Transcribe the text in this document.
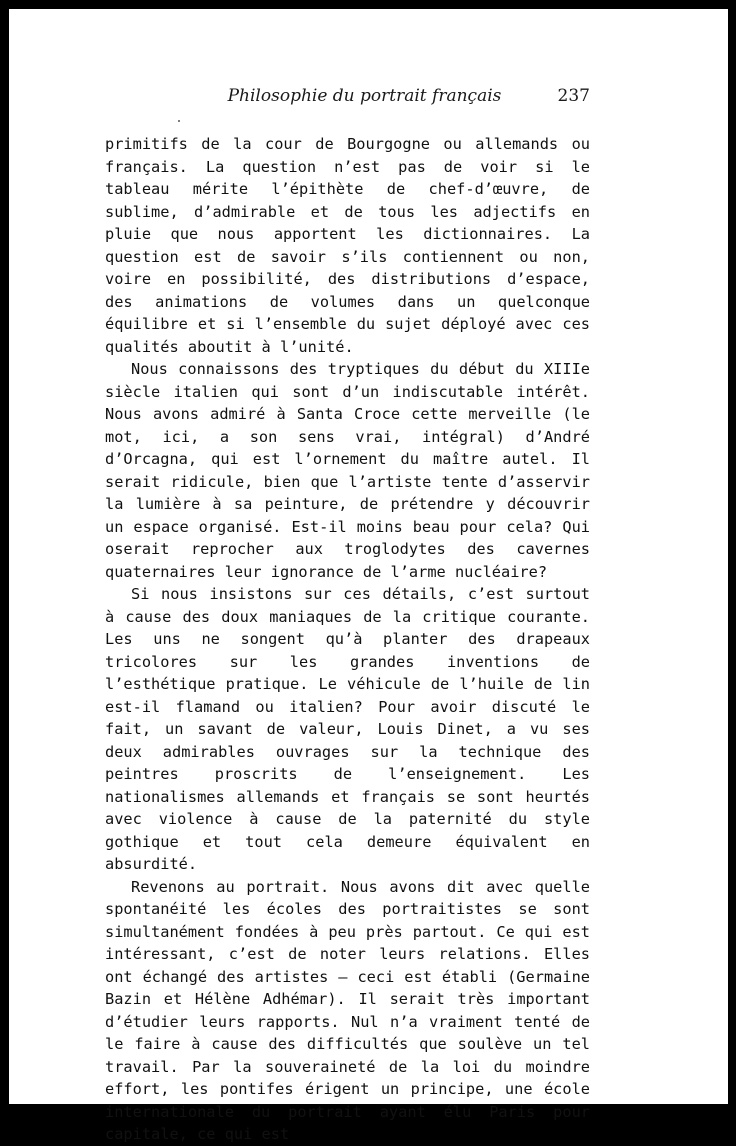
Philosophie du portrait français	237

primitifs de la cour de Bourgogne ou allemands ou français. La question n’est pas de voir si le tableau mérite l’épithète de chef-d’œuvre, de sublime, d’admirable et de tous les adjectifs en pluie que nous apportent les dictionnaires. La question est de savoir s’ils contiennent ou non, voire en possibilité, des distributions d’espace, des animations de volumes dans un quelconque équilibre et si l’ensemble du sujet déployé avec ces qualités aboutit à l’unité.

Nous connaissons des tryptiques du début du XIIIe siècle italien qui sont d’un indiscutable intérêt. Nous avons admiré à Santa Croce cette merveille (le mot, ici, a son sens vrai, intégral) d’André d’Orcagna, qui est l’ornement du maître autel. Il serait ridicule, bien que l’artiste tente d’asservir la lumière à sa peinture, de prétendre y découvrir un espace organisé. Est-il moins beau pour cela? Qui oserait reprocher aux troglodytes des cavernes quaternaires leur ignorance de l’arme nucléaire?

Si nous insistons sur ces détails, c’est surtout à cause des doux maniaques de la critique courante. Les uns ne songent qu’à planter des drapeaux tricolores sur les grandes inventions de l’esthétique pratique. Le véhicule de l’huile de lin est-il flamand ou italien? Pour avoir discuté le fait, un savant de valeur, Louis Dinet, a vu ses deux admirables ouvrages sur la technique des peintres proscrits de l’enseignement. Les nationalismes allemands et français se sont heurtés avec violence à cause de la paternité du style gothique et tout cela demeure équivalent en absurdité.

Revenons au portrait. Nous avons dit avec quelle spontanéité les écoles des portraitistes se sont simultanément fondées à peu près partout. Ce qui est intéressant, c’est de noter leurs relations. Elles ont échangé des artistes — ceci est établi (Germaine Bazin et Hélène Adhémar). Il serait très important d’étudier leurs rapports. Nul n’a vraiment tenté de le faire à cause des difficultés que soulève un tel travail. Par la souveraineté de la loi du moindre effort, les pontifes érigent un principe, une école internationale du portrait ayant élu Paris pour capitale, ce qui est
